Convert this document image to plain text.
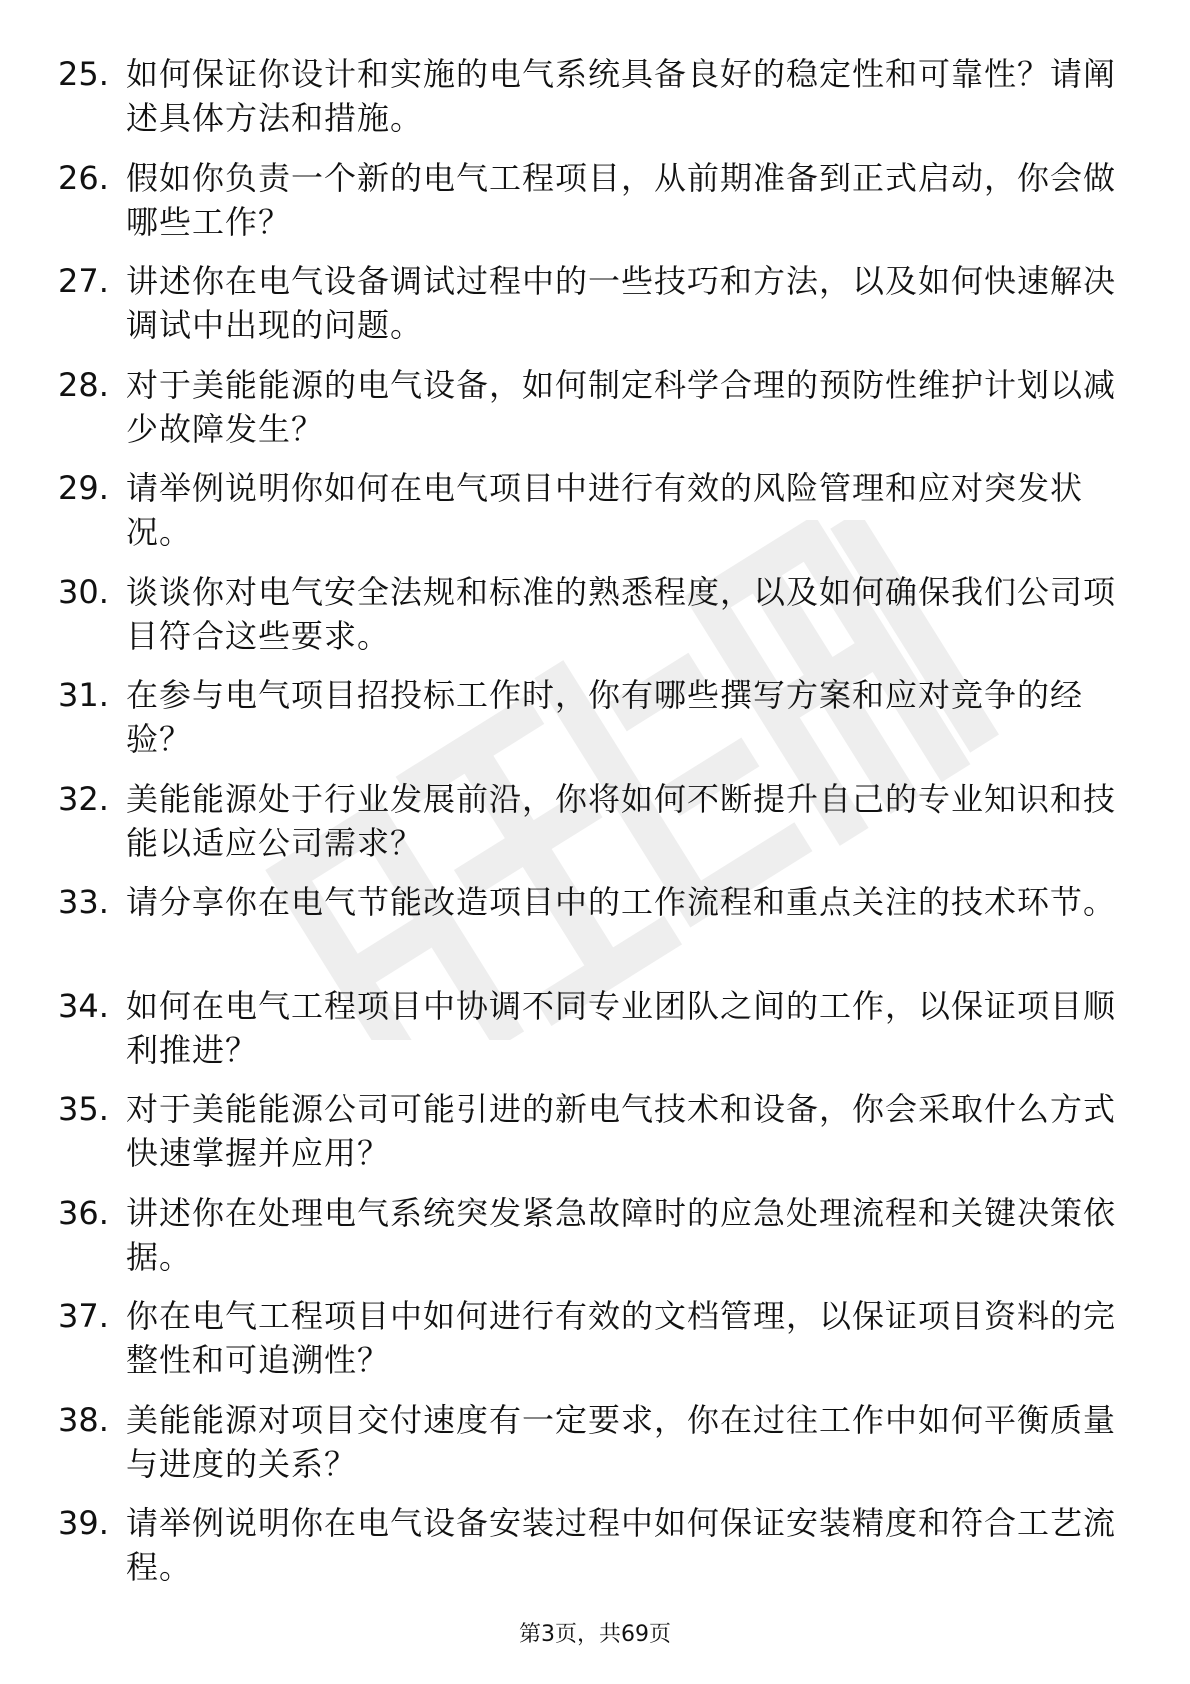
25. 如何保证你设计和实施的电气系统具备良好的稳定性和可靠性？请阐述具体方法和措施。
26. 假如你负责一个新的电气工程项目，从前期准备到正式启动，你会做哪些工作？
27. 讲述你在电气设备调试过程中的一些技巧和方法，以及如何快速解决调试中出现的问题。
28. 对于美能能源的电气设备，如何制定科学合理的预防性维护计划以减少故障发生？
29. 请举例说明你如何在电气项目中进行有效的风险管理和应对突发状况。
30. 谈谈你对电气安全法规和标准的熟悉程度，以及如何确保我们公司项目符合这些要求。
31. 在参与电气项目招投标工作时，你有哪些撰写方案和应对竞争的经验？
32. 美能能源处于行业发展前沿，你将如何不断提升自己的专业知识和技能以适应公司需求？
33. 请分享你在电气节能改造项目中的工作流程和重点关注的技术环节。
34. 如何在电气工程项目中协调不同专业团队之间的工作，以保证项目顺利推进？
35. 对于美能能源公司可能引进的新电气技术和设备，你会采取什么方式快速掌握并应用？
36. 讲述你在处理电气系统突发紧急故障时的应急处理流程和关键决策依据。
37. 你在电气工程项目中如何进行有效的文档管理，以保证项目资料的完整性和可追溯性？
38. 美能能源对项目交付速度有一定要求，你在过往工作中如何平衡质量与进度的关系？
39. 请举例说明你在电气设备安装过程中如何保证安装精度和符合工艺流程。
第3页，共69页
